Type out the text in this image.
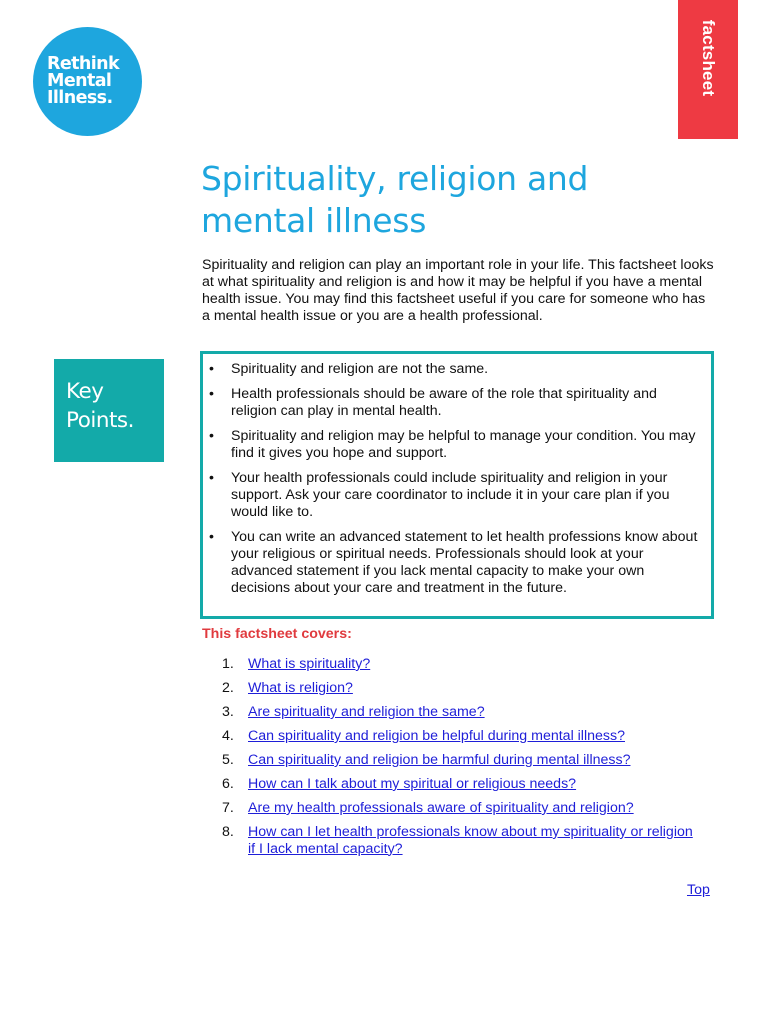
Rethink
Mental
Illness.
factsheet
Spirituality, religion and mental illness

Spirituality and religion can play an important role in your life. This factsheet looks at what spirituality and religion is and how it may be helpful if you have a mental health issue. You may find this factsheet useful if you care for someone who has a mental health issue or you are a health professional.

Key
Points.
• Spirituality and religion are not the same.
• Health professionals should be aware of the role that spirituality and religion can play in mental health.
• Spirituality and religion may be helpful to manage your condition. You may find it gives you hope and support.
• Your health professionals could include spirituality and religion in your support. Ask your care coordinator to include it in your care plan if you would like to.
• You can write an advanced statement to let health professions know about your religious or spiritual needs. Professionals should look at your advanced statement if you lack mental capacity to make your own decisions about your care and treatment in the future.

This factsheet covers:

1. What is spirituality?
2. What is religion?
3. Are spirituality and religion the same?
4. Can spirituality and religion be helpful during mental illness?
5. Can spirituality and religion be harmful during mental illness?
6. How can I talk about my spiritual or religious needs?
7. Are my health professionals aware of spirituality and religion?
8. How can I let health professionals know about my spirituality or religion if I lack mental capacity?
Top
